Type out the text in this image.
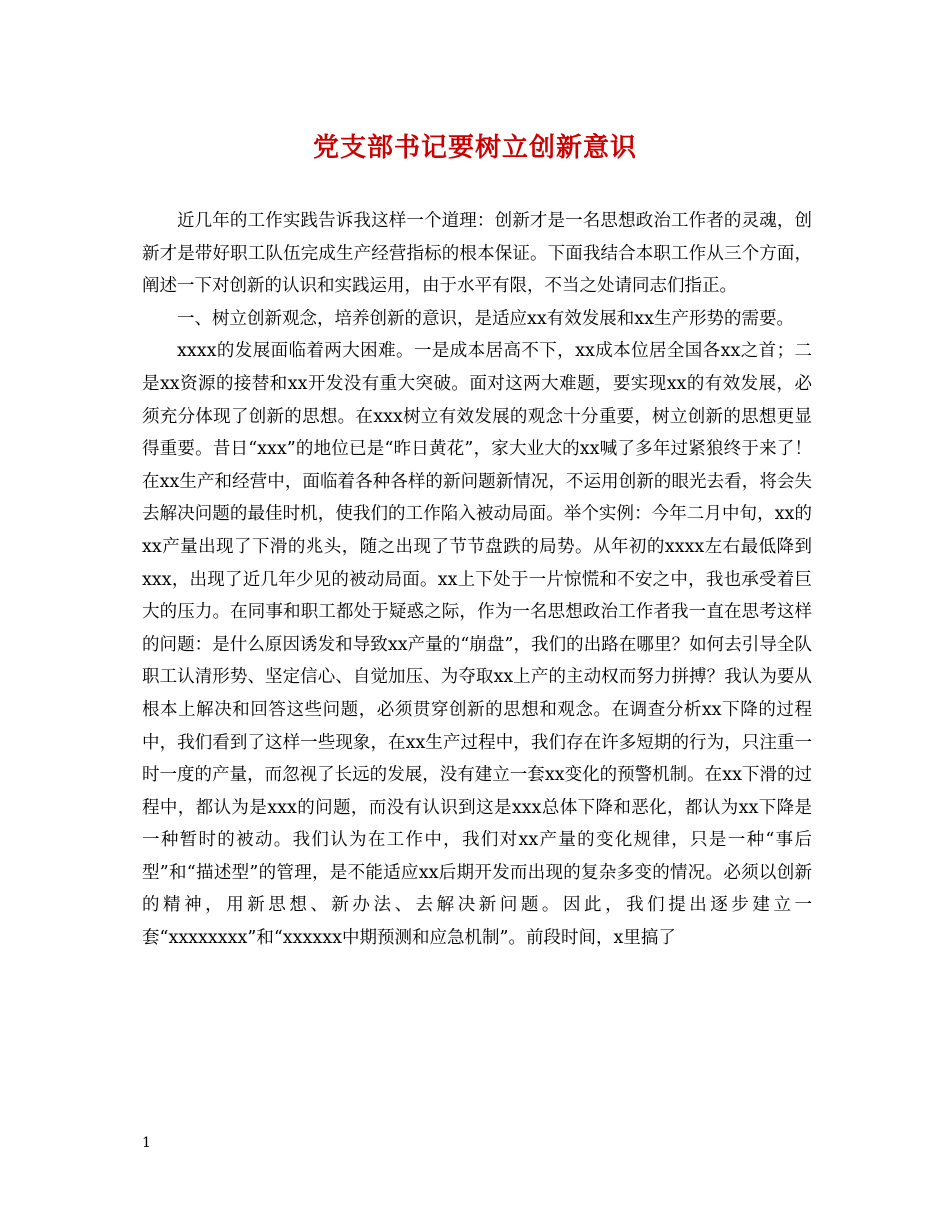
党支部书记要树立创新意识

近几年的工作实践告诉我这样一个道理：创新才是一名思想政治工作者的灵魂，创新才是带好职工队伍完成生产经营指标的根本保证。下面我结合本职工作从三个方面，阐述一下对创新的认识和实践运用，由于水平有限，不当之处请同志们指正。

一、树立创新观念，培养创新的意识，是适应xx有效发展和xx生产形势的需要。

xxxx的发展面临着两大困难。一是成本居高不下，xx成本位居全国各xx之首；二是xx资源的接替和xx开发没有重大突破。面对这两大难题，要实现xx的有效发展，必须充分体现了创新的思想。在xxx树立有效发展的观念十分重要，树立创新的思想更显得重要。昔日“xxx”的地位已是“昨日黄花”，家大业大的xx喊了多年过紧狼终于来了！在xx生产和经营中，面临着各种各样的新问题新情况，不运用创新的眼光去看，将会失去解决问题的最佳时机，使我们的工作陷入被动局面。举个实例：今年二月中旬，xx的xx产量出现了下滑的兆头，随之出现了节节盘跌的局势。从年初的xxxx左右最低降到xxx，出现了近几年少见的被动局面。xx上下处于一片惊慌和不安之中，我也承受着巨大的压力。在同事和职工都处于疑惑之际，作为一名思想政治工作者我一直在思考这样的问题：是什么原因诱发和导致xx产量的“崩盘”，我们的出路在哪里？如何去引导全队职工认清形势、坚定信心、自觉加压、为夺取xx上产的主动权而努力拼搏？我认为要从根本上解决和回答这些问题，必须贯穿创新的思想和观念。在调查分析xx下降的过程中，我们看到了这样一些现象，在xx生产过程中，我们存在许多短期的行为，只注重一时一度的产量，而忽视了长远的发展，没有建立一套xx变化的预警机制。在xx下滑的过程中，都认为是xxx的问题，而没有认识到这是xxx总体下降和恶化，都认为xx下降是一种暂时的被动。我们认为在工作中，我们对xx产量的变化规律，只是一种“事后型”和“描述型”的管理，是不能适应xx后期开发而出现的复杂多变的情况。必须以创新的精神，用新思想、新办法、去解决新问题。因此，我们提出逐步建立一套“xxxxxxxx”和“xxxxxx中期预测和应急机制”。前段时间，x里搞了

1
